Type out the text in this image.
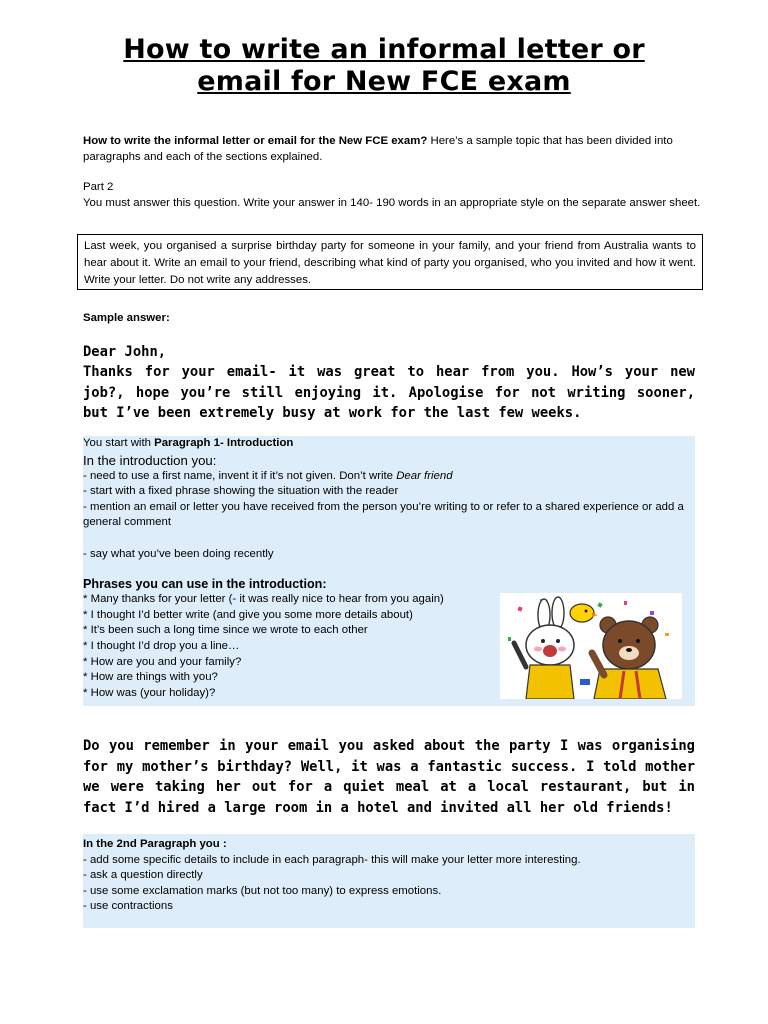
How to write an informal letter or
email for New FCE exam
How to write the informal letter or email for the New FCE exam? Here’s a sample topic that has been divided into paragraphs and each of the sections explained.
Part 2
You must answer this question. Write your answer in 140- 190 words in an appropriate style on the separate answer sheet.
Last week, you organised a surprise birthday party for someone in your family, and your friend from Australia wants to hear about it. Write an email to your friend, describing what kind of party you organised, who you invited and how it went. Write your letter. Do not write any addresses.
Sample answer:
Dear John,

Thanks for your email- it was great to hear from you. How’s your new job?, hope you’re still enjoying it. Apologise for not writing sooner, but I’ve been extremely busy at work for the last few weeks.

You start with Paragraph 1- Introduction
In the introduction you:
- need to use a first name, invent it if it’s not given. Don’t write Dear friend
- start with a fixed phrase showing the situation with the reader
- mention an email or letter you have received from the person you’re writing to or refer to a shared experience or add a general comment
- say what you’ve been doing recently
Phrases you can use in the introduction:
* Many thanks for your letter (- it was really nice to hear from you again)
* I thought I’d better write (and give you some more details about)
* It’s been such a long time since we wrote to each other
* I thought I’d drop you a line…
* How are you and your family?
* How are things with you?
* How was (your holiday)?

Do you remember in your email you asked about the party I was organising for my mother’s birthday? Well, it was a fantastic success. I told mother we were taking her out for a quiet meal at a local restaurant, but in fact I’d hired a large room in a hotel and invited all her old friends!

In the 2nd Paragraph you :
- add some specific details to include in each paragraph- this will make your letter more interesting.
- ask a question directly
- use some exclamation marks (but not too many) to express emotions.
- use contractions
